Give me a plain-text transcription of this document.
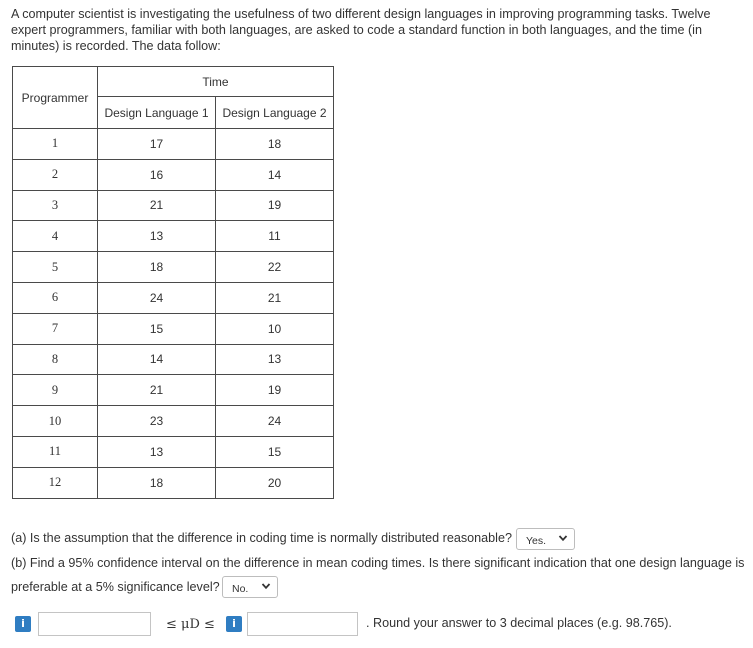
A computer scientist is investigating the usefulness of two different design languages in improving programming tasks. Twelve expert programmers, familiar with both languages, are asked to code a standard function in both languages, and the time (in minutes) is recorded. The data follow:
Programmer	Time	
	Design Language 1	Design Language 2
1	17	18
2	16	14
3	21	19
4	13	11
5	18	22
6	24	21
7	15	10
8	14	13
9	21	19
10	23	24
11	13	15
12	18	20
(a) Is the assumption that the difference in coding time is normally distributed reasonable? Yes.
(b) Find a 95% confidence interval on the difference in mean coding times. Is there significant indication that one design language is
preferable at a 5% significance level? No.
i	≤ μD ≤	i	. Round your answer to 3 decimal places (e.g. 98.765).
